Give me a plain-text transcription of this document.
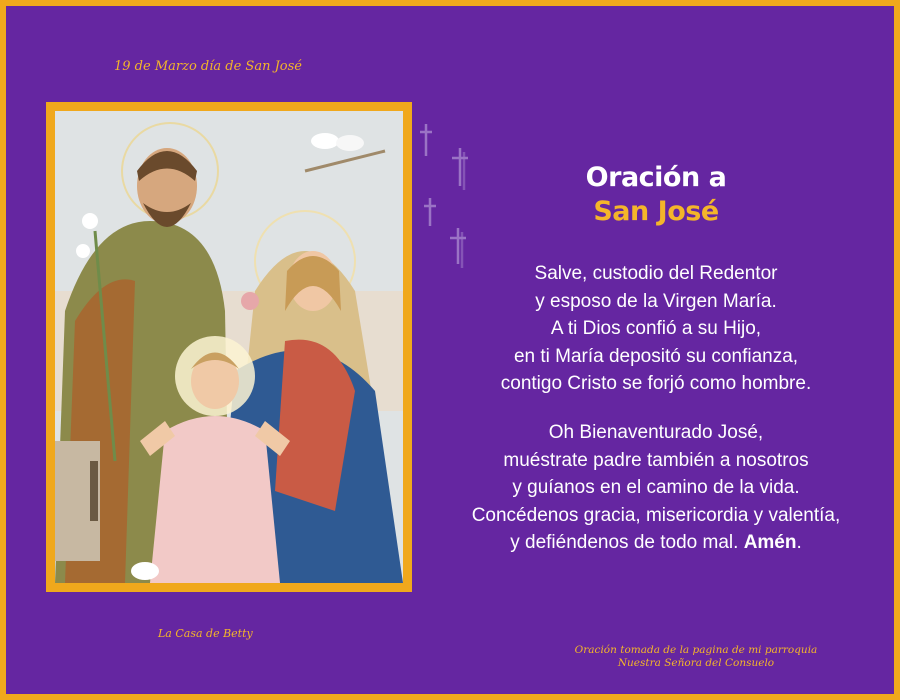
19 de Marzo día de San José
Oración a
San José
Salve, custodio del Redentor
y esposo de la Virgen María.
A ti Dios confió a su Hijo,
en ti María depositó su confianza,
contigo Cristo se forjó como hombre.
Oh Bienaventurado José,
muéstrate padre también a nosotros
y guíanos en el camino de la vida.
Concédenos gracia, misericordia y valentía,
y defiéndenos de todo mal. Amén.
La Casa de Betty
Oración tomada de la pagina de mi parroquia
Nuestra Señora del Consuelo
